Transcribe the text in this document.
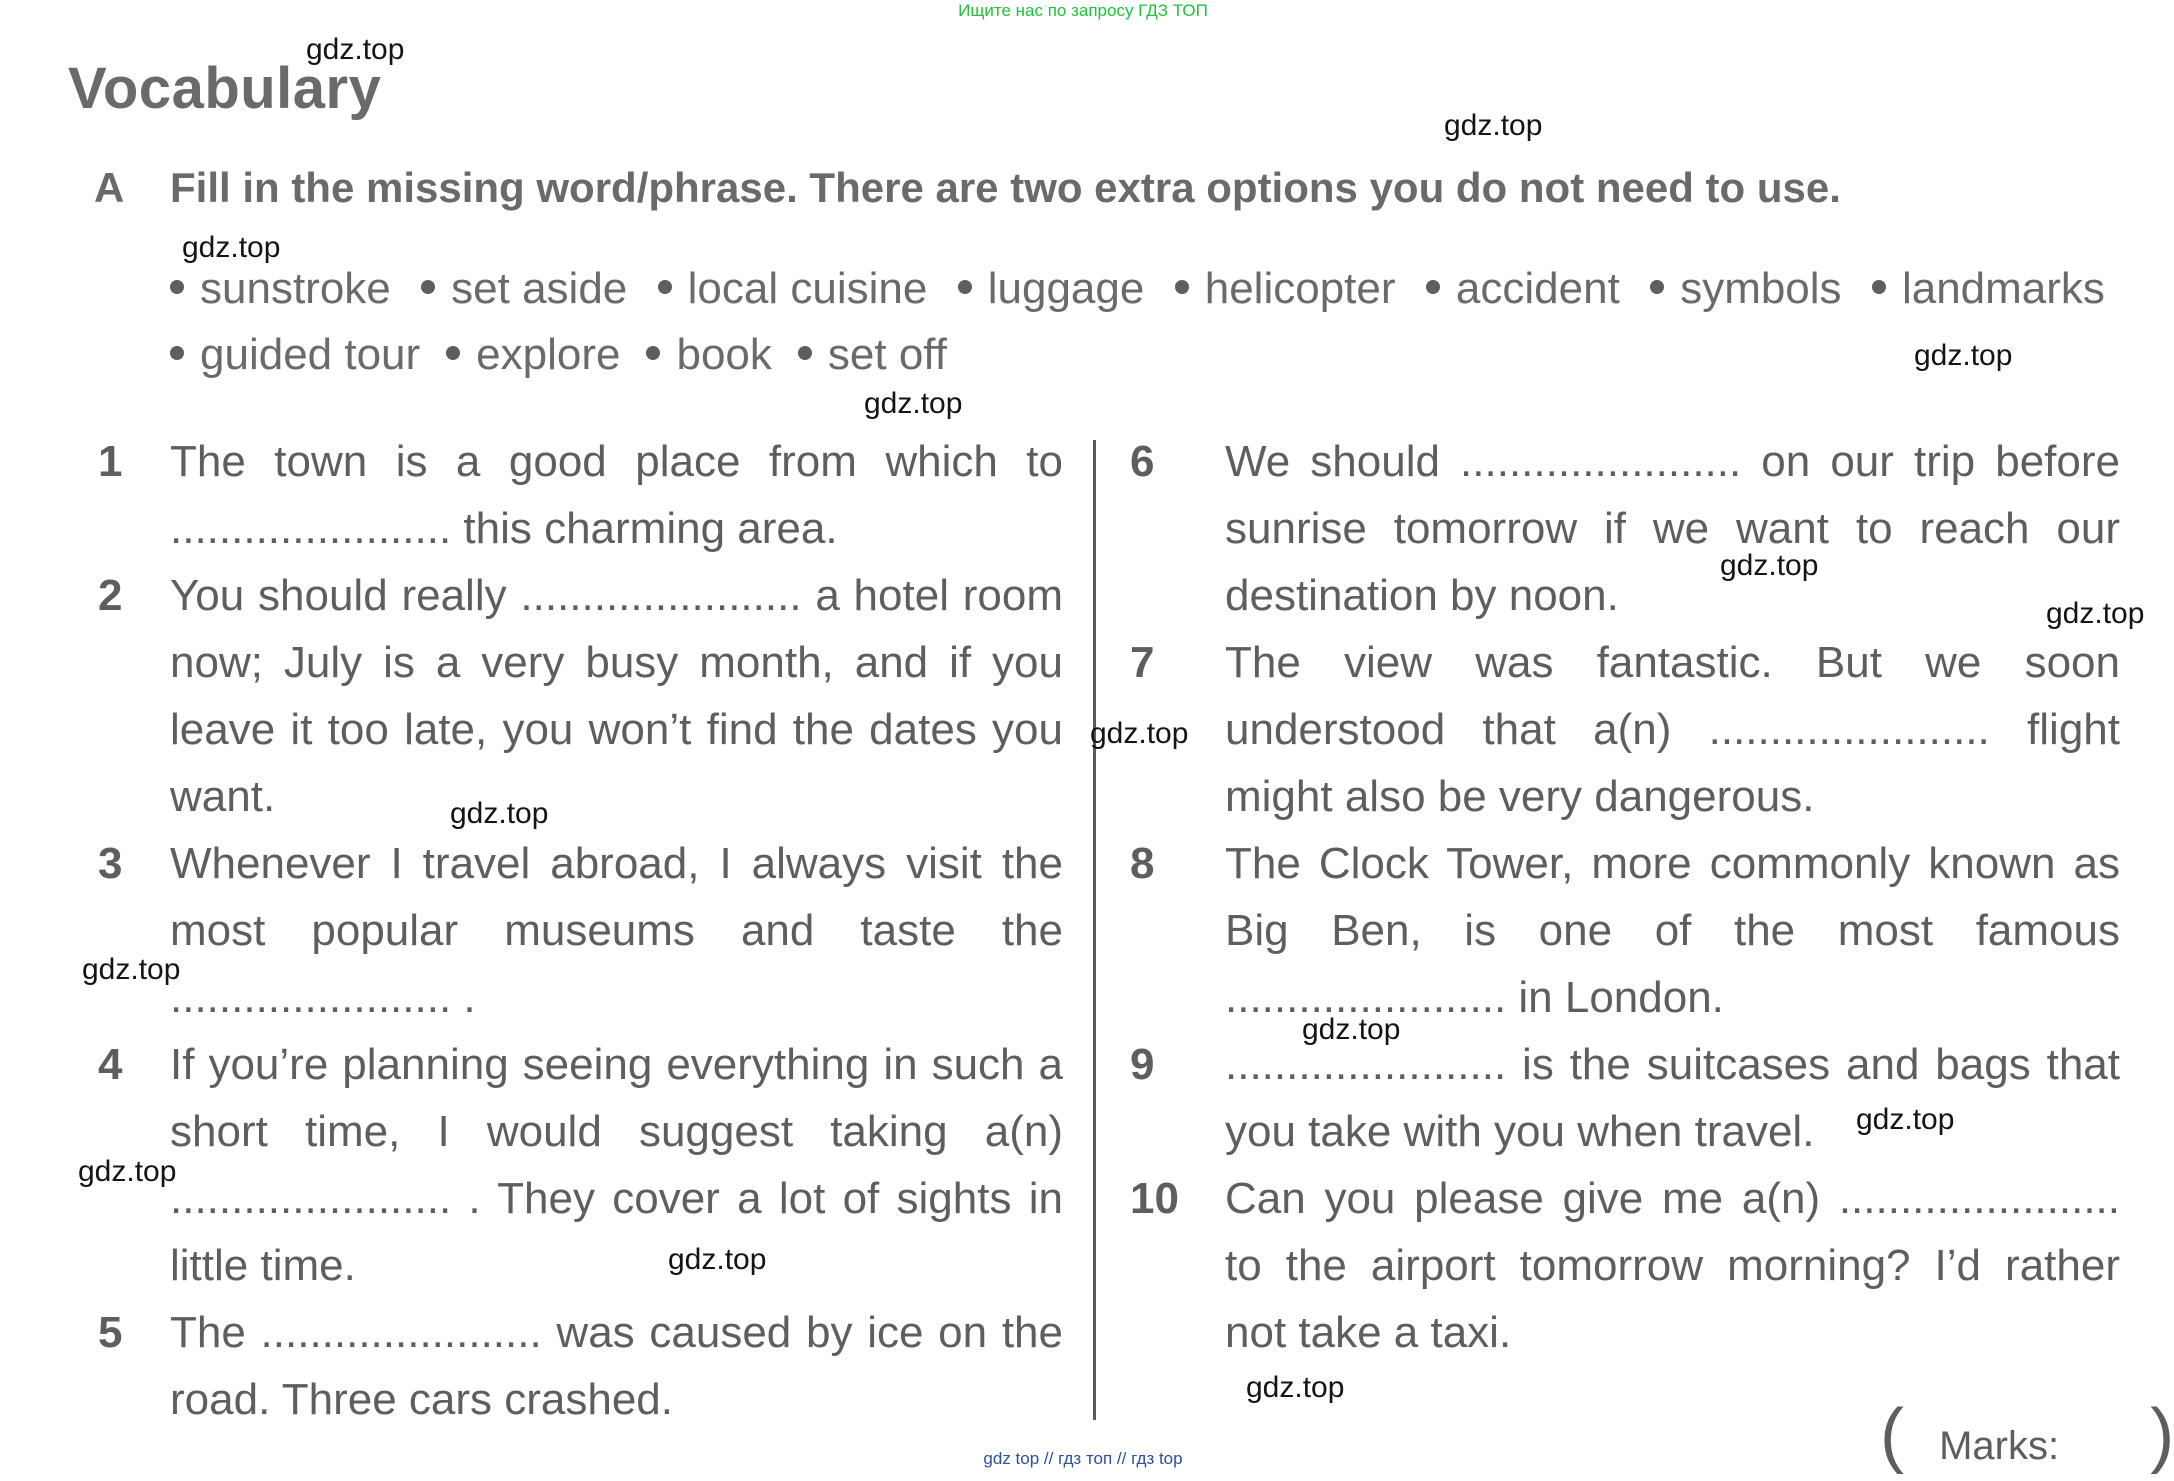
Ищите нас по запросу ГДЗ ТОП
Vocabulary
A Fill in the missing word/phrase. There are two extra options you do not need to use.
sunstroke	set aside	local cuisine	luggage	helicopter	accident	symbols	landmarks
guided tour	explore	book	set off
1	The town is a good place from which to ....................... this charming area.
2	You should really ....................... a hotel room now; July is a very busy month, and if you leave it too late, you won’t find the dates you want.
3	Whenever I travel abroad, I always visit the most popular museums and taste the ....................... .
4	If you’re planning seeing everything in such a short time, I would suggest taking a(n) ....................... . They cover a lot of sights in little time.
5	The ....................... was caused by ice on the road. Three cars crashed.
6	We should ....................... on our trip before sunrise tomorrow if we want to reach our destination by noon.
7	The view was fantastic. But we soon understood that a(n) ....................... flight might also be very dangerous.
8	The Clock Tower, more commonly known as Big Ben, is one of the most famous ....................... in London.
9	....................... is the suitcases and bags that you take with you when travel.
10	Can you please give me a(n) ....................... to the airport tomorrow morning? I’d rather not take a taxi.
( Marks: )
gdz.top
gdz.top
gdz.top
gdz.top
gdz.top
gdz.top
gdz.top
gdz.top
gdz.top
gdz.top
gdz.top
gdz.top
gdz.top
gdz.top
gdz.top
gdz top // гдз топ // гдз top
